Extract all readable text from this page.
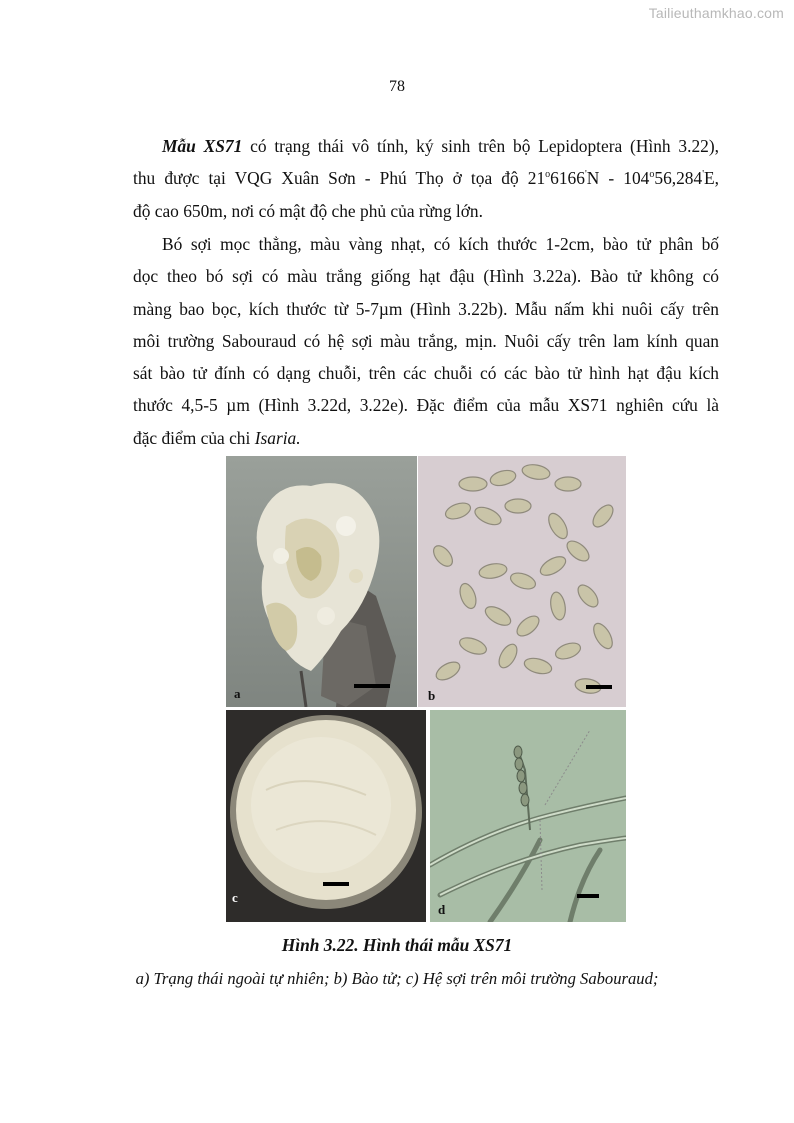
Tailieuthamkhao.com
78
Mẫu XS71 có trạng thái vô tính, ký sinh trên bộ Lepidoptera (Hình 3.22),
thu được tại VQG Xuân Sơn - Phú Thọ ở tọa độ 21$^o$6166'N - 104$^o$56,284'E,
độ cao 650m, nơi có mật độ che phủ của rừng lớn.
Bó sợi mọc thẳng, màu vàng nhạt, có kích thước 1-2cm, bào tử phân bố
dọc theo bó sợi có màu trắng giống hạt đậu (Hình 3.22a). Bào tử không có
màng bao bọc, kích thước từ 5-7µm (Hình 3.22b). Mẫu nấm khi nuôi cấy trên
môi trường Sabouraud có hệ sợi màu trắng, mịn. Nuôi cấy trên lam kính quan
sát bào tử đính có dạng chuỗi, trên các chuỗi có các bào tử hình hạt đậu kích
thước 4,5-5 µm (Hình 3.22d, 3.22e). Đặc điểm của mẫu XS71 nghiên cứu là
đặc điểm của chi Isaria.
a	b
c
d
Hình 3.22. Hình thái mẫu XS71
a) Trạng thái ngoài tự nhiên; b) Bào tử; c) Hệ sợi trên môi trường Sabouraud;
